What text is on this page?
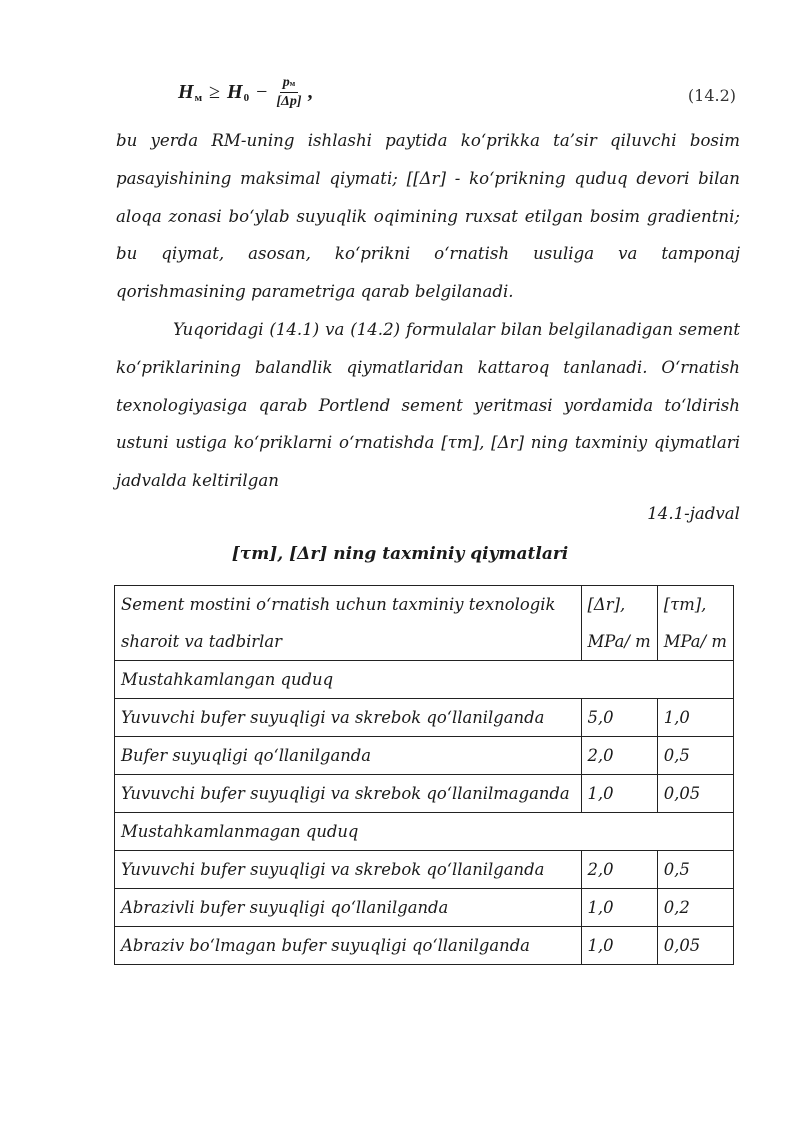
H м ≥ H $0 - \frac{pм}{[\Delta p]}$ ,	(14.2)

bu yerda RM-uning ishlashi paytida koʻprikka ta’sir qiluvchi bosim pasayishining maksimal qiymati; [[Δr] - koʻprikning quduq devori bilan aloqa zonasi boʻylab suyuqlik oqimining ruxsat etilgan bosim gradientni; bu qiymat, asosan, koʻprikni oʻrnatish usuliga va tamponaj qorishmasining parametriga qarab belgilanadi.

Yuqoridagi (14.1) va (14.2) formulalar bilan belgilanadigan sement koʻpriklarining balandlik qiymatlaridan kattaroq tanlanadi. Oʻrnatish texnologiyasiga qarab Portlend sement yeritmasi yordamida toʻldirish ustuni ustiga koʻpriklarni oʻrnatishda [τm], [Δr] ning taxminiy qiymatlari jadvalda keltirilgan

14.1-jadval
[τm], [Δr] ning taxminiy qiymatlari
Sement mostini oʻrnatish uchun taxminiy texnologik sharoit va tadbirlar	[Δr], MPa/ m	[τm], MPa/ m
Mustahkamlangan quduq		
Yuvuvchi bufer suyuqligi va skrebok qoʻllanilganda	5,0	1,0
Bufer suyuqligi qoʻllanilganda	2,0	0,5
Yuvuvchi bufer suyuqligi va skrebok qoʻllanilmaganda	1,0	0,05
Mustahkamlanmagan quduq		
Yuvuvchi bufer suyuqligi va skrebok qoʻllanilganda	2,0	0,5
Abrazivli bufer suyuqligi qoʻllanilganda	1,0	0,2
Abraziv boʻlmagan bufer suyuqligi qoʻllanilganda	1,0	0,05
